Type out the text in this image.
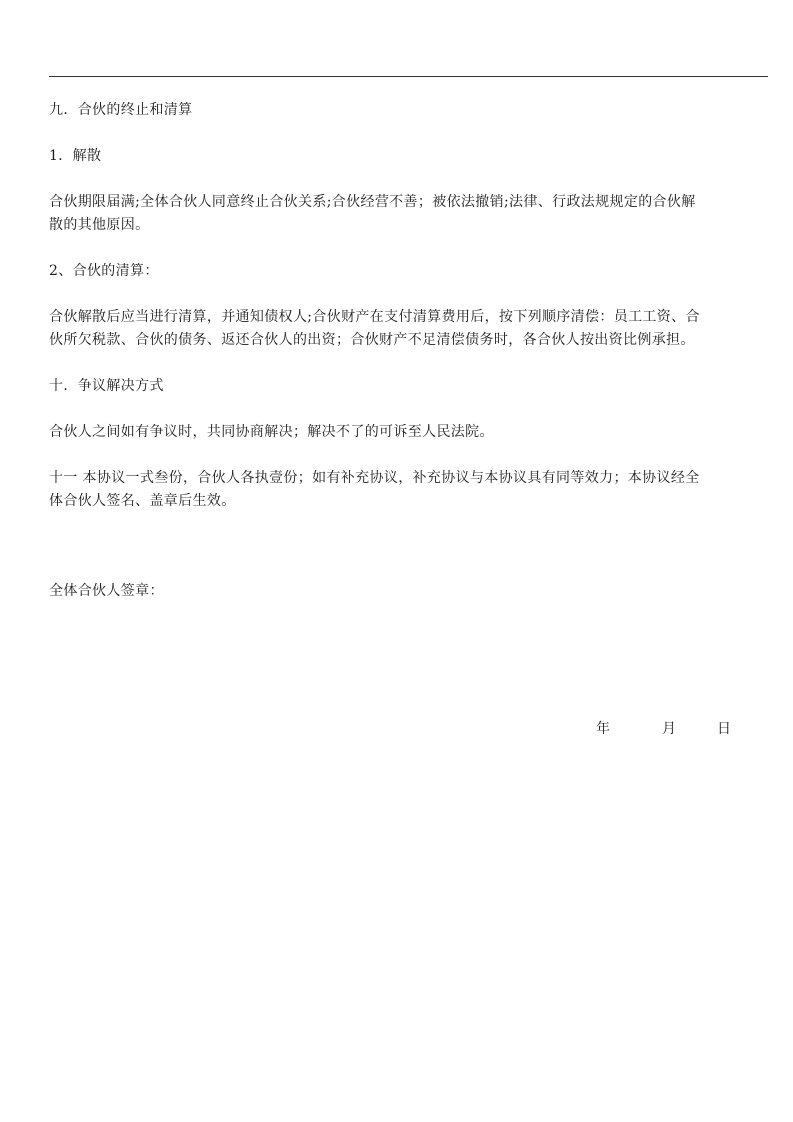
九．合伙的终止和清算

1．解散

合伙期限届满;全体合伙人同意终止合伙关系;合伙经营不善；被依法撤销;法律、行政法规规定的合伙解

散的其他原因。

2、合伙的清算：

合伙解散后应当进行清算，并通知债权人;合伙财产在支付清算费用后，按下列顺序清偿：员工工资、合

伙所欠税款、合伙的债务、返还合伙人的出资；合伙财产不足清偿债务时，各合伙人按出资比例承担。

十．争议解决方式

合伙人之间如有争议时，共同协商解决；解决不了的可诉至人民法院。

十一 本协议一式叁份，合伙人各执壹份；如有补充协议，补充协议与本协议具有同等效力；本协议经全

体合伙人签名、盖章后生效。

全体合伙人签章：

年	月	日
